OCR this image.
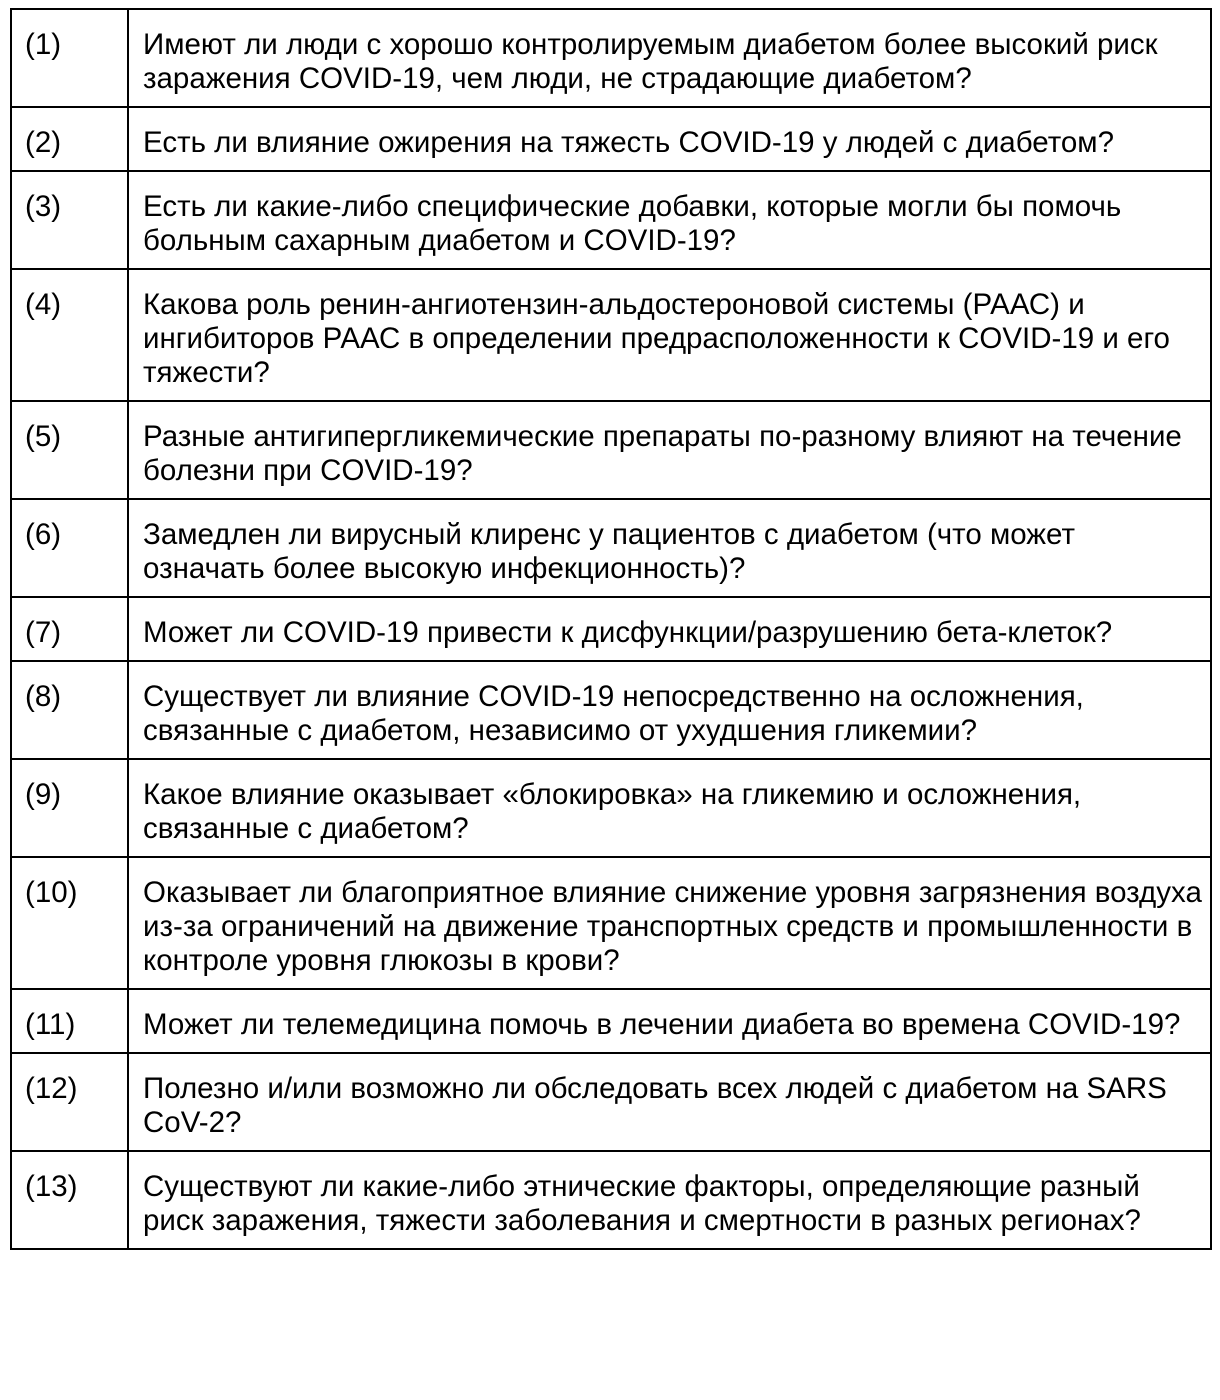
(1)	Имеют ли люди с хорошо контролируемым диабетом более высокий риск заражения COVID-19, чем люди, не страдающие диабетом?
(2)	Есть ли влияние ожирения на тяжесть COVID-19 у людей с диабетом?
(3)	Есть ли какие-либо специфические добавки, которые могли бы помочь больным сахарным диабетом и COVID-19?
(4)	Какова роль ренин-ангиотензин-альдостероновой системы (РААС) и ингибиторов РААС в определении предрасположенности к COVID-19 и его тяжести?
(5)	Разные антигипергликемические препараты по-разному влияют на течение болезни при COVID-19?
(6)	Замедлен ли вирусный клиренс у пациентов с диабетом (что может означать более высокую инфекционность)?
(7)	Может ли COVID-19 привести к дисфункции/разрушению бета-клеток?
(8)	Существует ли влияние COVID-19 непосредственно на осложнения, связанные с диабетом, независимо от ухудшения гликемии?
(9)	Какое влияние оказывает «блокировка» на гликемию и осложнения, связанные с диабетом?
(10)	Оказывает ли благоприятное влияние снижение уровня загрязнения воздуха из-за ограничений на движение транспортных средств и промышленности в контроле уровня глюкозы в крови?
(11)	Может ли телемедицина помочь в лечении диабета во времена COVID-19?
(12)	Полезно и/или возможно ли обследовать всех людей с диабетом на SARS CoV-2?
(13)	Существуют ли какие-либо этнические факторы, определяющие разный риск заражения, тяжести заболевания и смертности в разных регионах?
